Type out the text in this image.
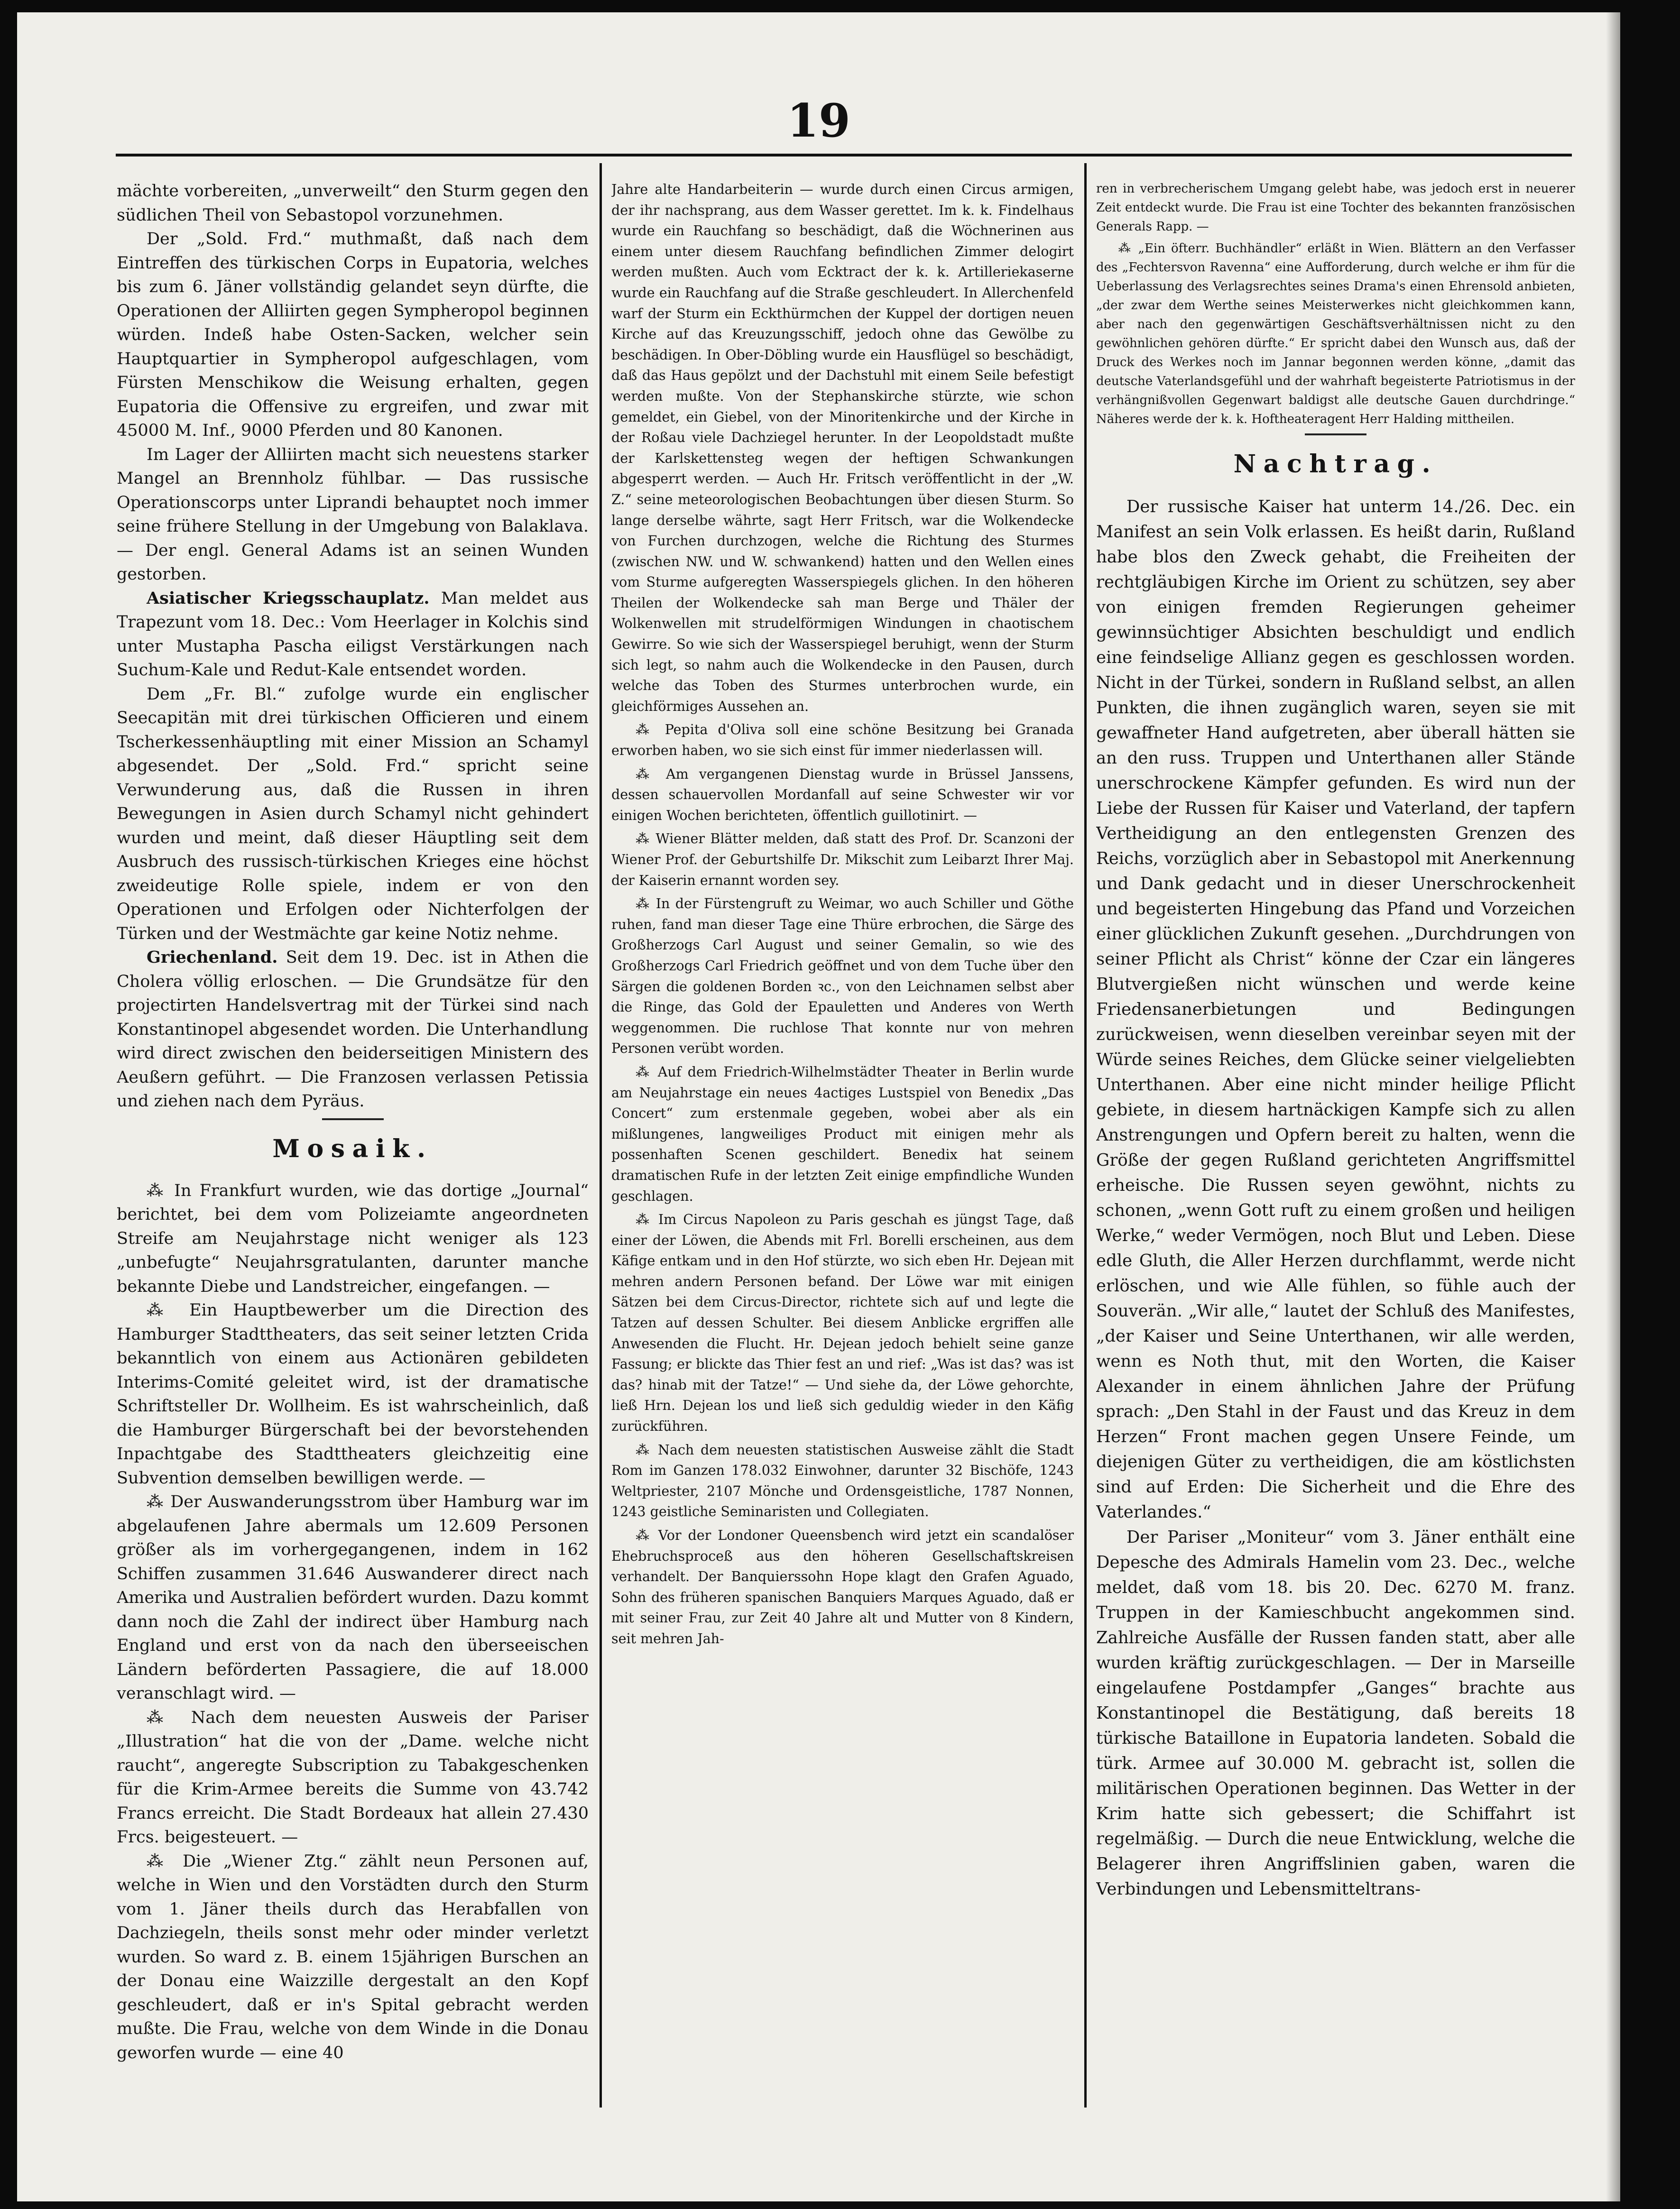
19

mächte vorbereiten, „unverweilt“ den Sturm gegen den südlichen Theil von Sebastopol vorzunehmen.

Der „Sold. Frd.“ muthmaßt, daß nach dem Eintreffen des türkischen Corps in Eupatoria, welches bis zum 6. Jäner vollständig gelandet seyn dürfte, die Operationen der Alliirten gegen Sympheropol beginnen würden. Indeß habe Osten-Sacken, welcher sein Hauptquartier in Sympheropol aufgeschlagen, vom Fürsten Menschikow die Weisung erhalten, gegen Eupatoria die Offensive zu ergreifen, und zwar mit 45000 M. Inf., 9000 Pferden und 80 Kanonen.

Im Lager der Alliirten macht sich neuestens starker Mangel an Brennholz fühlbar. — Das russische Operationscorps unter Liprandi behauptet noch immer seine frühere Stellung in der Umgebung von Balaklava. — Der engl. General Adams ist an seinen Wunden gestorben.

Asiatischer Kriegsschauplatz. Man meldet aus Trapezunt vom 18. Dec.: Vom Heerlager in Kolchis sind unter Mustapha Pascha eiligst Verstärkungen nach Suchum-Kale und Redut-Kale entsendet worden.

Dem „Fr. Bl.“ zufolge wurde ein englischer Seecapitän mit drei türkischen Officieren und einem Tscherkessenhäuptling mit einer Mission an Schamyl abgesendet. Der „Sold. Frd.“ spricht seine Verwunderung aus, daß die Russen in ihren Bewegungen in Asien durch Schamyl nicht gehindert wurden und meint, daß dieser Häuptling seit dem Ausbruch des russisch-türkischen Krieges eine höchst zweideutige Rolle spiele, indem er von den Operationen und Erfolgen oder Nichterfolgen der Türken und der Westmächte gar keine Notiz nehme.

Griechenland. Seit dem 19. Dec. ist in Athen die Cholera völlig erloschen. — Die Grundsätze für den projectirten Handelsvertrag mit der Türkei sind nach Konstantinopel abgesendet worden. Die Unterhandlung wird direct zwischen den beiderseitigen Ministern des Aeußern geführt. — Die Franzosen verlassen Petissia und ziehen nach dem Pyräus.

Mosaik.

⁂ In Frankfurt wurden, wie das dortige „Journal“ berichtet, bei dem vom Polizeiamte angeordneten Streife am Neujahrstage nicht weniger als 123 „unbefugte“ Neujahrsgratulanten, darunter manche bekannte Diebe und Landstreicher, eingefangen. —

⁂ Ein Hauptbewerber um die Direction des Hamburger Stadttheaters, das seit seiner letzten Crida bekanntlich von einem aus Actionären gebildeten Interims-Comité geleitet wird, ist der dramatische Schriftsteller Dr. Wollheim. Es ist wahrscheinlich, daß die Hamburger Bürgerschaft bei der bevorstehenden Inpachtgabe des Stadttheaters gleichzeitig eine Subvention demselben bewilligen werde. —

⁂ Der Auswanderungsstrom über Hamburg war im abgelaufenen Jahre abermals um 12.609 Personen größer als im vorhergegangenen, indem in 162 Schiffen zusammen 31.646 Auswanderer direct nach Amerika und Australien befördert wurden. Dazu kommt dann noch die Zahl der indirect über Hamburg nach England und erst von da nach den überseeischen Ländern beförderten Passagiere, die auf 18.000 veranschlagt wird. —

⁂ Nach dem neuesten Ausweis der Pariser „Illustration“ hat die von der „Dame. welche nicht raucht“, angeregte Subscription zu Tabakgeschenken für die Krim-Armee bereits die Summe von 43.742 Francs erreicht. Die Stadt Bordeaux hat allein 27.430 Frcs. beigesteuert. —

⁂ Die „Wiener Ztg.“ zählt neun Personen auf, welche in Wien und den Vorstädten durch den Sturm vom 1. Jäner theils durch das Herabfallen von Dachziegeln, theils sonst mehr oder minder verletzt wurden. So ward z. B. einem 15jährigen Burschen an der Donau eine Waizzille dergestalt an den Kopf geschleudert, daß er in's Spital gebracht werden mußte. Die Frau, welche von dem Winde in die Donau geworfen wurde — eine 40

Jahre alte Handarbeiterin — wurde durch einen Circus armigen, der ihr nachsprang, aus dem Wasser gerettet. Im k. k. Findelhaus wurde ein Rauchfang so beschädigt, daß die Wöchnerinen aus einem unter diesem Rauchfang befindlichen Zimmer delogirt werden mußten. Auch vom Ecktract der k. k. Artilleriekaserne wurde ein Rauchfang auf die Straße geschleudert. In Allerchenfeld warf der Sturm ein Eckthürmchen der Kuppel der dortigen neuen Kirche auf das Kreuzungsschiff, jedoch ohne das Gewölbe zu beschädigen. In Ober-Döbling wurde ein Hausflügel so beschädigt, daß das Haus gepölzt und der Dachstuhl mit einem Seile befestigt werden mußte. Von der Stephanskirche stürzte, wie schon gemeldet, ein Giebel, von der Minoritenkirche und der Kirche in der Roßau viele Dachziegel herunter. In der Leopoldstadt mußte der Karlskettensteg wegen der heftigen Schwankungen abgesperrt werden. — Auch Hr. Fritsch veröffentlicht in der „W. Z.“ seine meteorologischen Beobachtungen über diesen Sturm. So lange derselbe währte, sagt Herr Fritsch, war die Wolkendecke von Furchen durchzogen, welche die Richtung des Sturmes (zwischen NW. und W. schwankend) hatten und den Wellen eines vom Sturme aufgeregten Wasserspiegels glichen. In den höheren Theilen der Wolkendecke sah man Berge und Thäler der Wolkenwellen mit strudelförmigen Windungen in chaotischem Gewirre. So wie sich der Wasserspiegel beruhigt, wenn der Sturm sich legt, so nahm auch die Wolkendecke in den Pausen, durch welche das Toben des Sturmes unterbrochen wurde, ein gleichförmiges Aussehen an.

⁂ Pepita d'Oliva soll eine schöne Besitzung bei Granada erworben haben, wo sie sich einst für immer niederlassen will.

⁂ Am vergangenen Dienstag wurde in Brüssel Janssens, dessen schauervollen Mordanfall auf seine Schwester wir vor einigen Wochen berichteten, öffentlich guillotinirt. —

⁂ Wiener Blätter melden, daß statt des Prof. Dr. Scanzoni der Wiener Prof. der Geburtshilfe Dr. Mikschit zum Leibarzt Ihrer Maj. der Kaiserin ernannt worden sey.

⁂ In der Fürstengruft zu Weimar, wo auch Schiller und Göthe ruhen, fand man dieser Tage eine Thüre erbrochen, die Särge des Großherzogs Carl August und seiner Gemalin, so wie des Großherzogs Carl Friedrich geöffnet und von dem Tuche über den Särgen die goldenen Borden ꝛc., von den Leichnamen selbst aber die Ringe, das Gold der Epauletten und Anderes von Werth weggenommen. Die ruchlose That konnte nur von mehren Personen verübt worden.

⁂ Auf dem Friedrich-Wilhelmstädter Theater in Berlin wurde am Neujahrstage ein neues 4actiges Lustspiel von Benedix „Das Concert“ zum erstenmale gegeben, wobei aber als ein mißlungenes, langweiliges Product mit einigen mehr als possenhaften Scenen geschildert. Benedix hat seinem dramatischen Rufe in der letzten Zeit einige empfindliche Wunden geschlagen.

⁂ Im Circus Napoleon zu Paris geschah es jüngst Tage, daß einer der Löwen, die Abends mit Frl. Borelli erscheinen, aus dem Käfige entkam und in den Hof stürzte, wo sich eben Hr. Dejean mit mehren andern Personen befand. Der Löwe war mit einigen Sätzen bei dem Circus-Director, richtete sich auf und legte die Tatzen auf dessen Schulter. Bei diesem Anblicke ergriffen alle Anwesenden die Flucht. Hr. Dejean jedoch behielt seine ganze Fassung; er blickte das Thier fest an und rief: „Was ist das? was ist das? hinab mit der Tatze!“ — Und siehe da, der Löwe gehorchte, ließ Hrn. Dejean los und ließ sich geduldig wieder in den Käfig zurückführen.

⁂ Nach dem neuesten statistischen Ausweise zählt die Stadt Rom im Ganzen 178.032 Einwohner, darunter 32 Bischöfe, 1243 Weltpriester, 2107 Mönche und Ordensgeistliche, 1787 Nonnen, 1243 geistliche Seminaristen und Collegiaten.

⁂ Vor der Londoner Queensbench wird jetzt ein scandalöser Ehebruchsproceß aus den höheren Gesellschaftskreisen verhandelt. Der Banquierssohn Hope klagt den Grafen Aguado, Sohn des früheren spanischen Banquiers Marques Aguado, daß er mit seiner Frau, zur Zeit 40 Jahre alt und Mutter von 8 Kindern, seit mehren Jah-

ren in verbrecherischem Umgang gelebt habe, was jedoch erst in neuerer Zeit entdeckt wurde. Die Frau ist eine Tochter des bekannten französischen Generals Rapp. —

⁂ „Ein öfterr. Buchhändler“ erläßt in Wien. Blättern an den Verfasser des „Fechtersvon Ravenna“ eine Aufforderung, durch welche er ihm für die Ueberlassung des Verlagsrechtes seines Drama's einen Ehrensold anbieten, „der zwar dem Werthe seines Meisterwerkes nicht gleichkommen kann, aber nach den gegenwärtigen Geschäftsverhältnissen nicht zu den gewöhnlichen gehören dürfte.“ Er spricht dabei den Wunsch aus, daß der Druck des Werkes noch im Jannar begonnen werden könne, „damit das deutsche Vaterlandsgefühl und der wahrhaft begeisterte Patriotismus in der verhängnißvollen Gegenwart baldigst alle deutsche Gauen durchdringe.“ Näheres werde der k. k. Hoftheateragent Herr Halding mittheilen.

Nachtrag.

Der russische Kaiser hat unterm 14./26. Dec. ein Manifest an sein Volk erlassen. Es heißt darin, Rußland habe blos den Zweck gehabt, die Freiheiten der rechtgläubigen Kirche im Orient zu schützen, sey aber von einigen fremden Regierungen geheimer gewinnsüchtiger Absichten beschuldigt und endlich eine feindselige Allianz gegen es geschlossen worden. Nicht in der Türkei, sondern in Rußland selbst, an allen Punkten, die ihnen zugänglich waren, seyen sie mit gewaffneter Hand aufgetreten, aber überall hätten sie an den russ. Truppen und Unterthanen aller Stände unerschrockene Kämpfer gefunden. Es wird nun der Liebe der Russen für Kaiser und Vaterland, der tapfern Vertheidigung an den entlegensten Grenzen des Reichs, vorzüglich aber in Sebastopol mit Anerkennung und Dank gedacht und in dieser Unerschrockenheit und begeisterten Hingebung das Pfand und Vorzeichen einer glücklichen Zukunft gesehen. „Durchdrungen von seiner Pflicht als Christ“ könne der Czar ein längeres Blutvergießen nicht wünschen und werde keine Friedensanerbietungen und Bedingungen zurückweisen, wenn dieselben vereinbar seyen mit der Würde seines Reiches, dem Glücke seiner vielgeliebten Unterthanen. Aber eine nicht minder heilige Pflicht gebiete, in diesem hartnäckigen Kampfe sich zu allen Anstrengungen und Opfern bereit zu halten, wenn die Größe der gegen Rußland gerichteten Angriffsmittel erheische. Die Russen seyen gewöhnt, nichts zu schonen, „wenn Gott ruft zu einem großen und heiligen Werke,“ weder Vermögen, noch Blut und Leben. Diese edle Gluth, die Aller Herzen durchflammt, werde nicht erlöschen, und wie Alle fühlen, so fühle auch der Souverän. „Wir alle,“ lautet der Schluß des Manifestes, „der Kaiser und Seine Unterthanen, wir alle werden, wenn es Noth thut, mit den Worten, die Kaiser Alexander in einem ähnlichen Jahre der Prüfung sprach: „Den Stahl in der Faust und das Kreuz in dem Herzen“ Front machen gegen Unsere Feinde, um diejenigen Güter zu vertheidigen, die am köstlichsten sind auf Erden: Die Sicherheit und die Ehre des Vaterlandes.“

Der Pariser „Moniteur“ vom 3. Jäner enthält eine Depesche des Admirals Hamelin vom 23. Dec., welche meldet, daß vom 18. bis 20. Dec. 6270 M. franz. Truppen in der Kamieschbucht angekommen sind. Zahlreiche Ausfälle der Russen fanden statt, aber alle wurden kräftig zurückgeschlagen. — Der in Marseille eingelaufene Postdampfer „Ganges“ brachte aus Konstantinopel die Bestätigung, daß bereits 18 türkische Bataillone in Eupatoria landeten. Sobald die türk. Armee auf 30.000 M. gebracht ist, sollen die militärischen Operationen beginnen. Das Wetter in der Krim hatte sich gebessert; die Schiffahrt ist regelmäßig. — Durch die neue Entwicklung, welche die Belagerer ihren Angriffslinien gaben, waren die Verbindungen und Lebensmitteltrans-
